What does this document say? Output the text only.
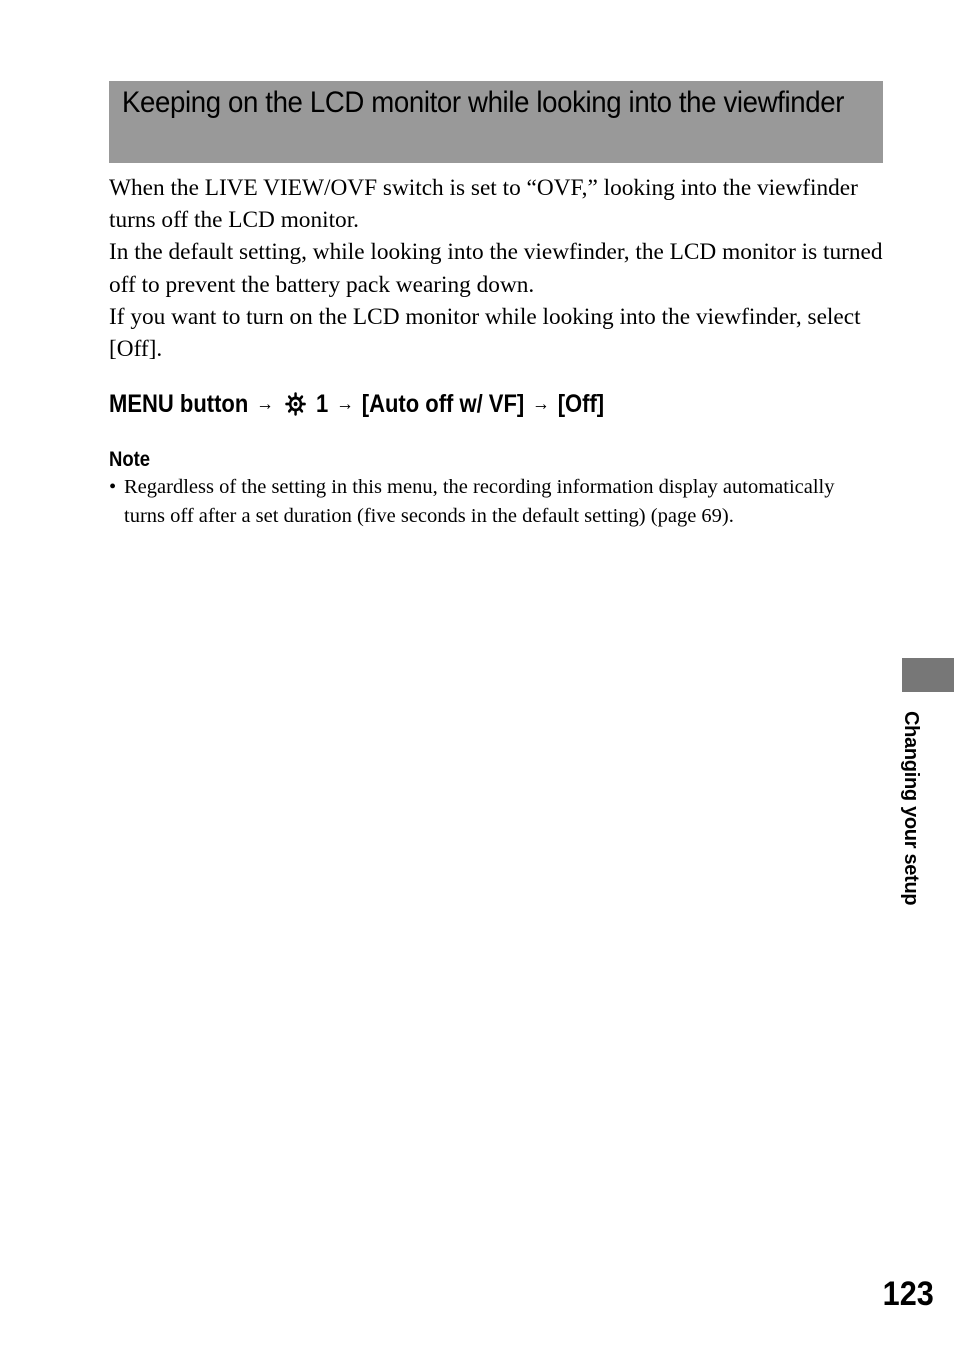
Keeping on the LCD monitor while looking into the viewfinder

When the LIVE VIEW/OVF switch is set to “OVF,” looking into the viewfinder turns off the LCD monitor.

In the default setting, while looking into the viewfinder, the LCD monitor is turned off to prevent the battery pack wearing down.

If you want to turn on the LCD monitor while looking into the viewfinder, select [Off].

MENU button → 1 → [Auto off w/ VF] → [Off]
Note
• Regardless of the setting in this menu, the recording information display automatically turns off after a set duration (five seconds in the default setting) (page 69).
Changing your setup
123
